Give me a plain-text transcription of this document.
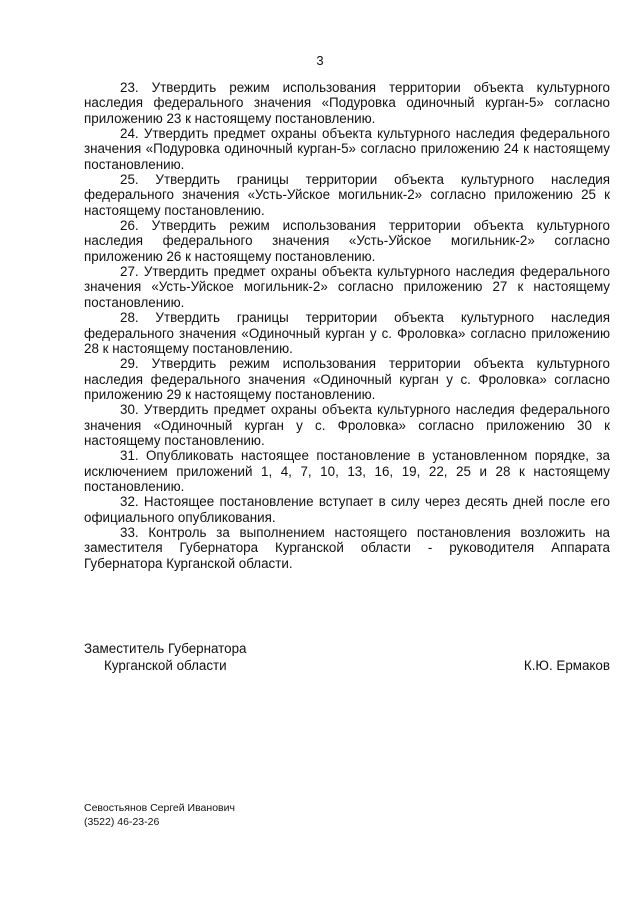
3

23. Утвердить режим использования территории объекта культурного наследия федерального значения «Подуровка одиночный курган-5» согласно приложению 23 к настоящему постановлению.

24. Утвердить предмет охраны объекта культурного наследия федерального значения «Подуровка одиночный курган-5» согласно приложению 24 к настоящему постановлению.

25. Утвердить границы территории объекта культурного наследия федерального значения «Усть-Уйское могильник-2» согласно приложению 25 к настоящему постановлению.

26. Утвердить режим использования территории объекта культурного наследия федерального значения «Усть-Уйское могильник-2» согласно приложению 26 к настоящему постановлению.

27. Утвердить предмет охраны объекта культурного наследия федерального значения «Усть-Уйское могильник-2» согласно приложению 27 к настоящему постановлению.

28. Утвердить границы территории объекта культурного наследия федерального значения «Одиночный курган у с. Фроловка» согласно приложению 28 к настоящему постановлению.

29. Утвердить режим использования территории объекта культурного наследия федерального значения «Одиночный курган у с. Фроловка» согласно приложению 29 к настоящему постановлению.

30. Утвердить предмет охраны объекта культурного наследия федерального значения «Одиночный курган у с. Фроловка» согласно приложению 30 к настоящему постановлению.

31. Опубликовать настоящее постановление в установленном порядке, за исключением приложений 1, 4, 7, 10, 13, 16, 19, 22, 25 и 28 к настоящему постановлению.

32. Настоящее постановление вступает в силу через десять дней после его официального опубликования.

33. Контроль за выполнением настоящего постановления возложить на заместителя Губернатора Курганской области - руководителя Аппарата Губернатора Курганской области.

Заместитель Губернатора
Курганской области	К.Ю. Ермаков
Севостьянов Сергей Иванович
(3522) 46-23-26
